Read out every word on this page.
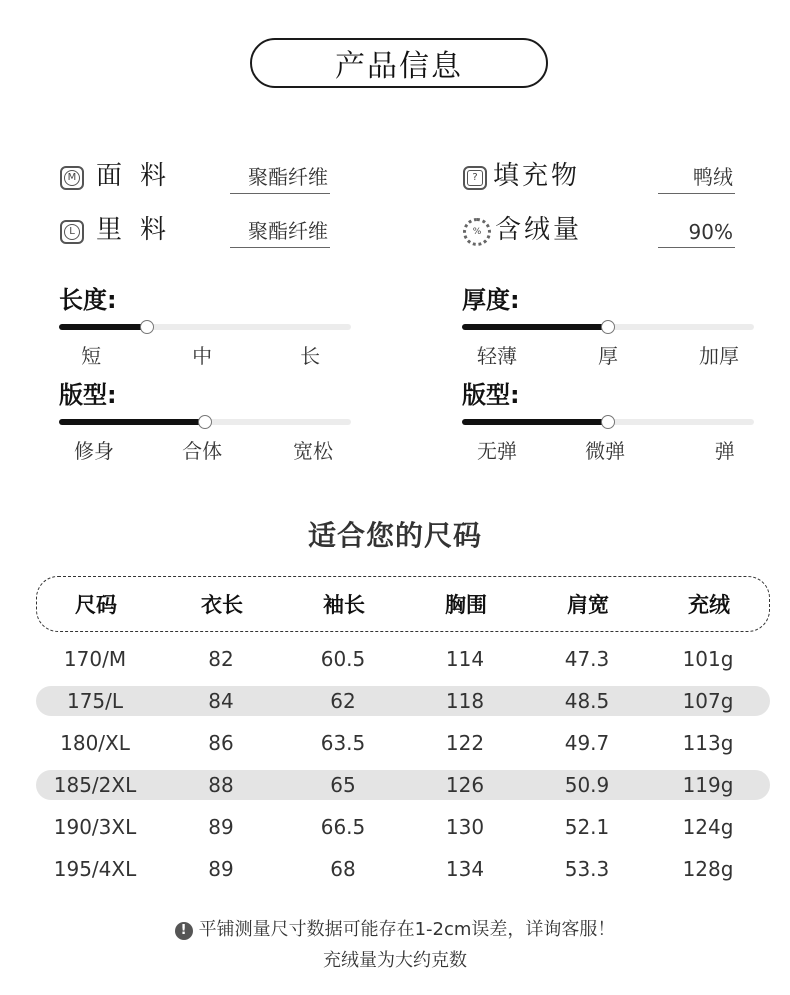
产品信息
M 面料	聚酯纤维
L 里料	聚酯纤维
? 填充物	鸭绒
% 含绒量	90%
长度:
短	中	长
厚度:
轻薄	厚	加厚
版型:
修身	合体	宽松
版型:
无弹	微弹	弹
适合您的尺码
尺码	衣长	袖长	胸围	肩宽	充绒
170/M	82	60.5	114	47.3	101g
175/L	84	62	118	48.5	107g
180/XL	86	63.5	122	49.7	113g
185/2XL	88	65	126	50.9	119g
190/3XL	89	66.5	130	52.1	124g
195/4XL	89	68	134	53.3	128g
! 平铺测量尺寸数据可能存在1-2cm误差，详询客服！
充绒量为大约克数
